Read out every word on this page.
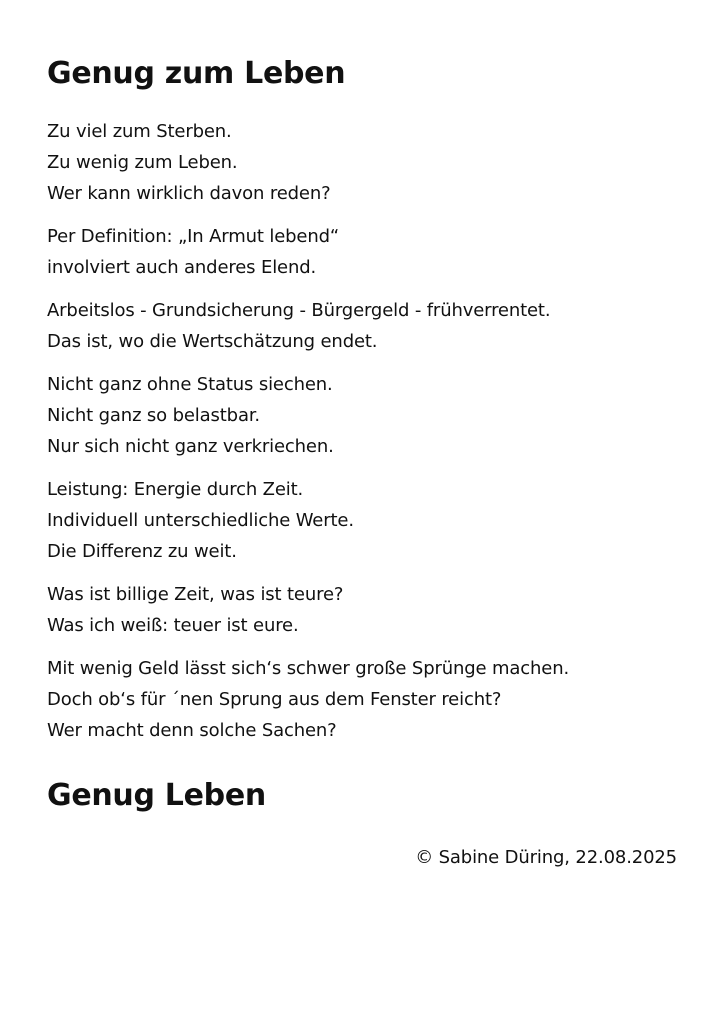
Genug zum Leben
Zu viel zum Sterben.
Zu wenig zum Leben.
Wer kann wirklich davon reden?
Per Definition: „In Armut lebend“
involviert auch anderes Elend.
Arbeitslos - Grundsicherung - Bürgergeld - frühverrentet.
Das ist, wo die Wertschätzung endet.
Nicht ganz ohne Status siechen.
Nicht ganz so belastbar.
Nur sich nicht ganz verkriechen.
Leistung: Energie durch Zeit.
Individuell unterschiedliche Werte.
Die Differenz zu weit.
Was ist billige Zeit, was ist teure?
Was ich weiß: teuer ist eure.
Mit wenig Geld lässt sich‘s schwer große Sprünge machen.
Doch ob‘s für ´nen Sprung aus dem Fenster reicht?
Wer macht denn solche Sachen?
Genug Leben
© Sabine Düring, 22.08.2025
